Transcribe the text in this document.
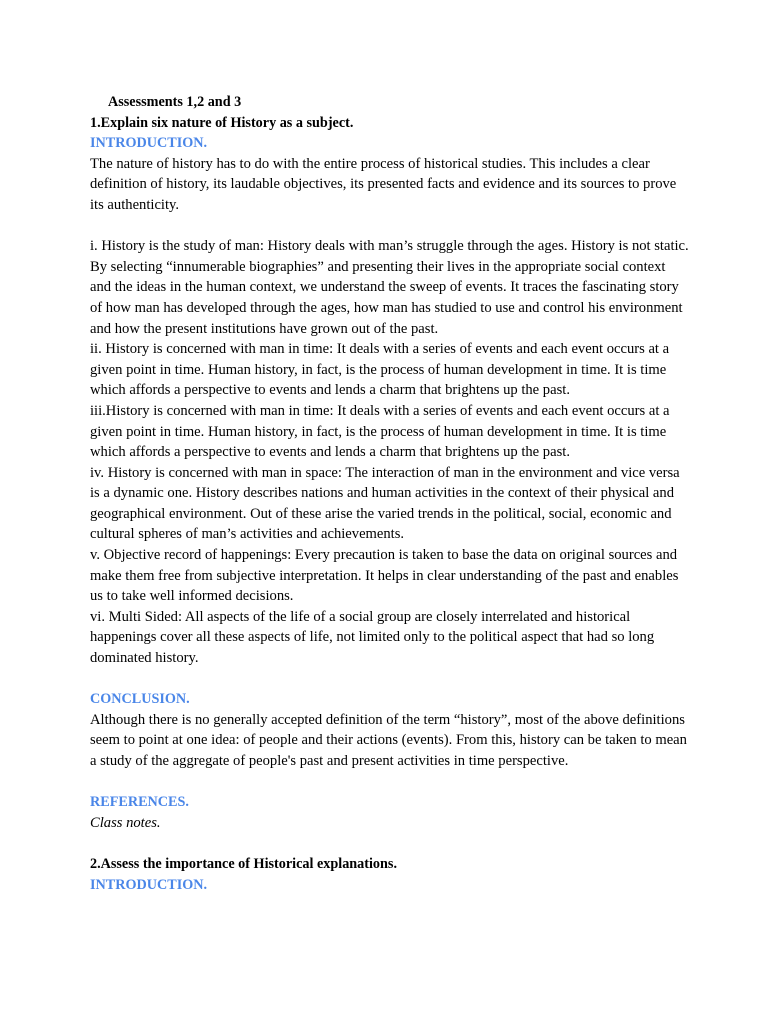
Assessments 1,2 and 3

1.Explain six nature of History as a subject.

INTRODUCTION.

The nature of history has to do with the entire process of historical studies. This includes a clear definition of history, its laudable objectives, its presented facts and evidence and its sources to prove its authenticity.

i. History is the study of man: History deals with man’s struggle through the ages. History is not static. By selecting “innumerable biographies” and presenting their lives in the appropriate social context and the ideas in the human context, we understand the sweep of events. It traces the fascinating story of how man has developed through the ages, how man has studied to use and control his environment and how the present institutions have grown out of the past.

ii. History is concerned with man in time: It deals with a series of events and each event occurs at a given point in time. Human history, in fact, is the process of human development in time. It is time which affords a perspective to events and lends a charm that brightens up the past.

iii.History is concerned with man in time: It deals with a series of events and each event occurs at a given point in time. Human history, in fact, is the process of human development in time. It is time which affords a perspective to events and lends a charm that brightens up the past.

iv. History is concerned with man in space: The interaction of man in the environment and vice versa is a dynamic one. History describes nations and human activities in the context of their physical and geographical environment. Out of these arise the varied trends in the political, social, economic and cultural spheres of man’s activities and achievements.

v. Objective record of happenings: Every precaution is taken to base the data on original sources and make them free from subjective interpretation. It helps in clear understanding of the past and enables us to take well informed decisions.

vi. Multi Sided: All aspects of the life of a social group are closely interrelated and historical happenings cover all these aspects of life, not limited only to the political aspect that had so long dominated history.

CONCLUSION.

Although there is no generally accepted definition of the term “history”, most of the above definitions seem to point at one idea: of people and their actions (events). From this, history can be taken to mean a study of the aggregate of people's past and present activities in time perspective.

REFERENCES.

Class notes.

2.Assess the importance of Historical explanations.

INTRODUCTION.
